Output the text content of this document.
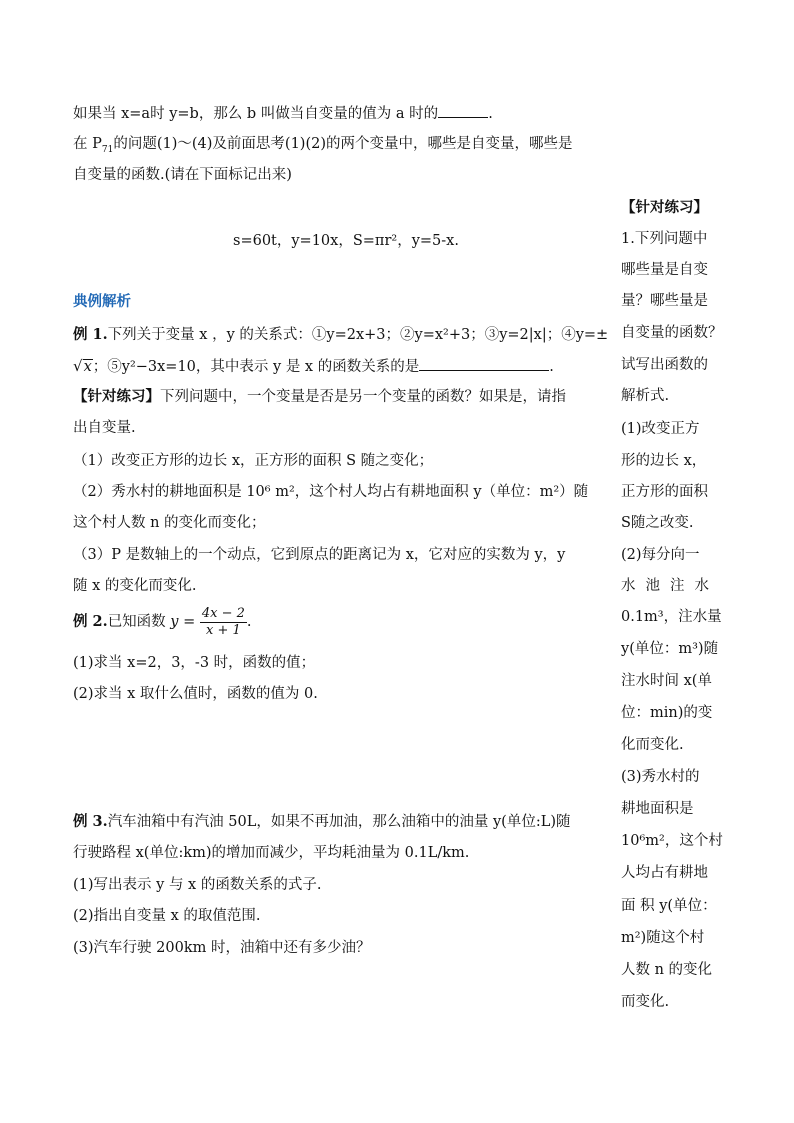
如果当 x=a时 y=b，那么 b 叫做当自变量的值为 a 时的	.
在 $P_{71}$的问题(1)～(4)及前面思考(1)(2)的两个变量中，哪些是自变量，哪些是
自变量的函数.(请在下面标记出来)
s=60t，y=10x，S=πr²，y=5-x.
典例解析
例 1.下列关于变量 x ，y 的关系式：①y=2x+3；②y=x²+3；③y=2|x|；④y=±
√x；⑤y²−3x=10，其中表示 y 是 x 的函数关系的是	.
【针对练习】下列问题中，一个变量是否是另一个变量的函数？如果是，请指
出自变量.
（1）改变正方形的边长 x，正方形的面积 S 随之变化；
（2）秀水村的耕地面积是 10⁶ m²，这个村人均占有耕地面积 y（单位：m²）随
这个村人数 n 的变化而变化；
（3）P 是数轴上的一个动点，它到原点的距离记为 x，它对应的实数为 y，y
随 x 的变化而变化.
例 2.已知函数 $y = \frac{4x - 2}{x + 1}$ .
(1)求当 x=2，3，-3 时，函数的值；
(2)求当 x 取什么值时，函数的值为 0.
例 3.汽车油箱中有汽油 50L，如果不再加油，那么油箱中的油量 y(单位:L)随
行驶路程 x(单位:km)的增加而减少，平均耗油量为 0.1L/km.
(1)写出表示 y 与 x 的函数关系的式子.
(2)指出自变量 x 的取值范围.
(3)汽车行驶 200km 时，油箱中还有多少油？
【针对练习】
1.下列问题中
哪些量是自变
量？哪些量是
自变量的函数？
试写出函数的
解析式.
(1)改变正方
形的边长 x，
正方形的面积
S随之改变.
(2)每分向一
水池注水
0.1m³，注水量
y(单位：m³)随
注水时间 x(单
位：min)的变
化而变化.
(3)秀水村的
耕地面积是
10⁶m²，这个村
人均占有耕地
面 积 y(单位：
m²)随这个村
人数 n 的变化
而变化.
